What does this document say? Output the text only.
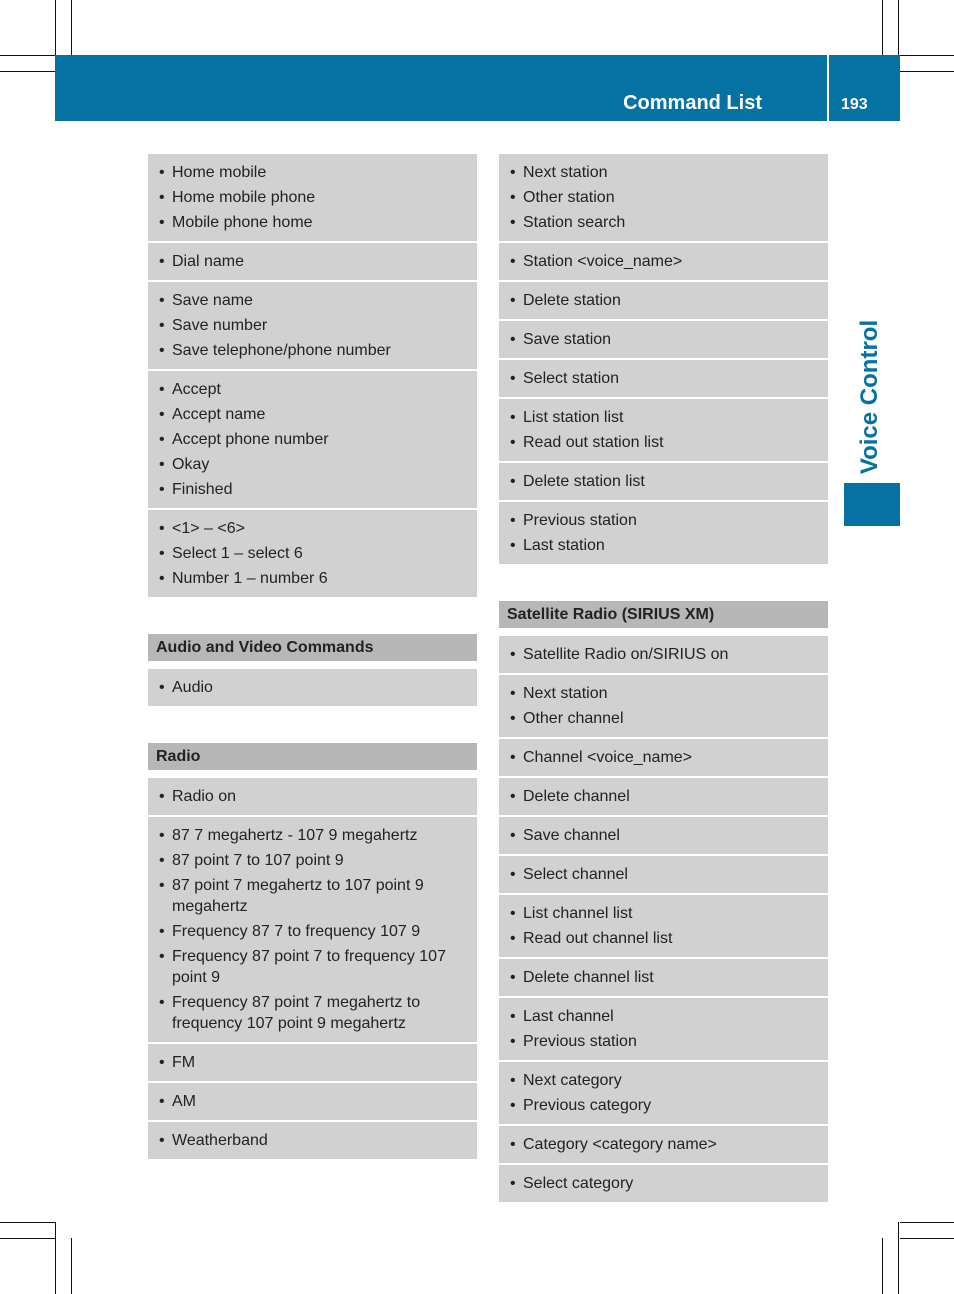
Command List	193
Voice Control
• Home mobile
• Home mobile phone
• Mobile phone home
• Dial name
• Save name
• Save number
• Save telephone/phone number
• Accept
• Accept name
• Accept phone number
• Okay
• Finished
• <1> – <6>
• Select 1 – select 6
• Number 1 – number 6
Audio and Video Commands
• Audio
Radio
• Radio on
• 87 7 megahertz - 107 9 megahertz
• 87 point 7 to 107 point 9
• 87 point 7 megahertz to 107 point 9 megahertz
• Frequency 87 7 to frequency 107 9
• Frequency 87 point 7 to frequency 107 point 9
• Frequency 87 point 7 megahertz to frequency 107 point 9 megahertz
• FM
• AM
• Weatherband
• Next station
• Other station
• Station search
• Station <voice_name>
• Delete station
• Save station
• Select station
• List station list
• Read out station list
• Delete station list
• Previous station
• Last station
Satellite Radio (SIRIUS XM)
• Satellite Radio on/SIRIUS on
• Next station
• Other channel
• Channel <voice_name>
• Delete channel
• Save channel
• Select channel
• List channel list
• Read out channel list
• Delete channel list
• Last channel
• Previous station
• Next category
• Previous category
• Category <category name>
• Select category
